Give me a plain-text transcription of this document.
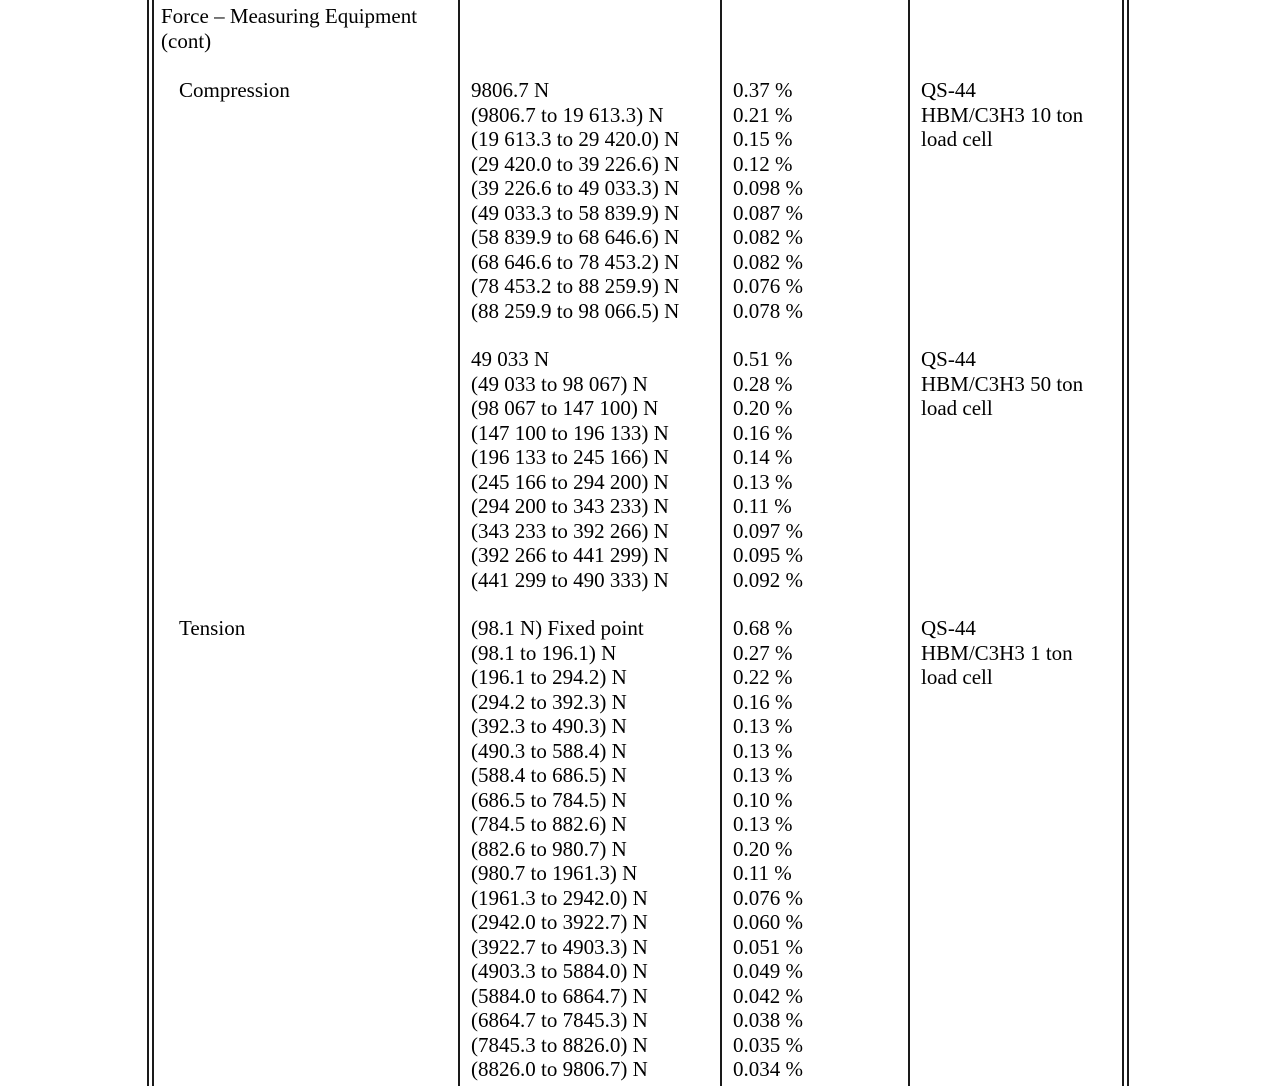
Force – Measuring Equipment
(cont)
Compression
Tension
9806.7 N
(9806.7 to 19 613.3) N
(19 613.3 to 29 420.0) N
(29 420.0 to 39 226.6) N
(39 226.6 to 49 033.3) N
(49 033.3 to 58 839.9) N
(58 839.9 to 68 646.6) N
(68 646.6 to 78 453.2) N
(78 453.2 to 88 259.9) N
(88 259.9 to 98 066.5) N
0.37 %
0.21 %
0.15 %
0.12 %
0.098 %
0.087 %
0.082 %
0.082 %
0.076 %
0.078 %
QS-44
HBM/C3H3 10 ton
load cell
49 033 N
(49 033 to 98 067) N
(98 067 to 147 100) N
(147 100 to 196 133) N
(196 133 to 245 166) N
(245 166 to 294 200) N
(294 200 to 343 233) N
(343 233 to 392 266) N
(392 266 to 441 299) N
(441 299 to 490 333) N
0.51 %
0.28 %
0.20 %
0.16 %
0.14 %
0.13 %
0.11 %
0.097 %
0.095 %
0.092 %
QS-44
HBM/C3H3 50 ton
load cell
(98.1 N) Fixed point
(98.1 to 196.1) N
(196.1 to 294.2) N
(294.2 to 392.3) N
(392.3 to 490.3) N
(490.3 to 588.4) N
(588.4 to 686.5) N
(686.5 to 784.5) N
(784.5 to 882.6) N
(882.6 to 980.7) N
(980.7 to 1961.3) N
(1961.3 to 2942.0) N
(2942.0 to 3922.7) N
(3922.7 to 4903.3) N
(4903.3 to 5884.0) N
(5884.0 to 6864.7) N
(6864.7 to 7845.3) N
(7845.3 to 8826.0) N
(8826.0 to 9806.7) N
0.68 %
0.27 %
0.22 %
0.16 %
0.13 %
0.13 %
0.13 %
0.10 %
0.13 %
0.20 %
0.11 %
0.076 %
0.060 %
0.051 %
0.049 %
0.042 %
0.038 %
0.035 %
0.034 %
QS-44
HBM/C3H3 1 ton
load cell
